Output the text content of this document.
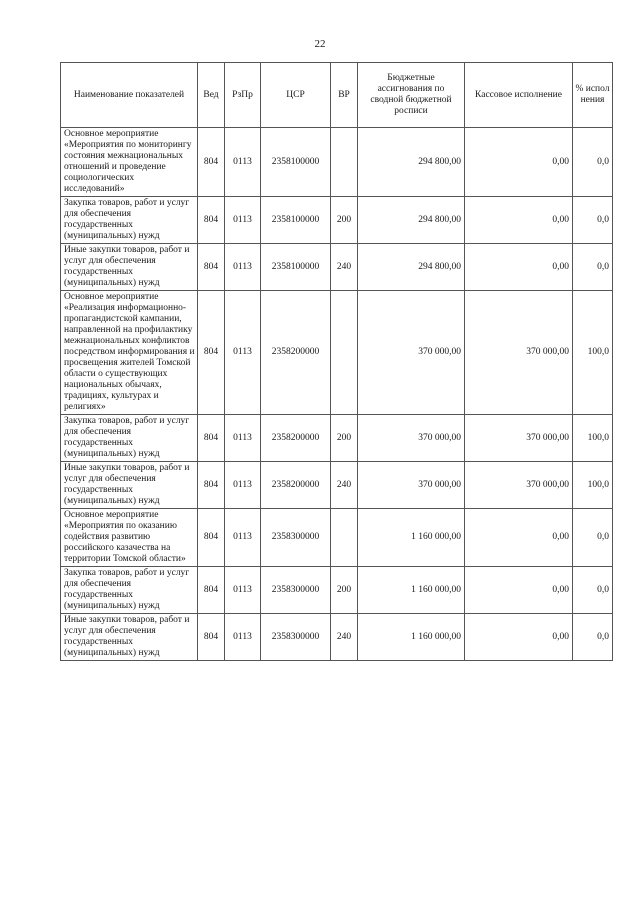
22
Наименование показателей	Вед	РзПр	ЦСР	ВР	Бюджетные ассигнования по сводной бюджетной росписи	Кассовое исполнение	% испол нения
Основное мероприятие «Мероприятия по мониторингу состояния межнациональных отношений и проведение социологических исследований»	804	0113	2358100000		294 800,00	0,00	0,0
Закупка товаров, работ и услуг для обеспечения государственных (муниципальных) нужд	804	0113	2358100000	200	294 800,00	0,00	0,0
Иные закупки товаров, работ и услуг для обеспечения государственных (муниципальных) нужд	804	0113	2358100000	240	294 800,00	0,00	0,0
Основное мероприятие «Реализация информационно-пропагандистской кампании, направленной на профилактику межнациональных конфликтов посредством информирования и просвещения жителей Томской области о существующих национальных обычаях, традициях, культурах и религиях»	804	0113	2358200000		370 000,00	370 000,00	100,0
Закупка товаров, работ и услуг для обеспечения государственных (муниципальных) нужд	804	0113	2358200000	200	370 000,00	370 000,00	100,0
Иные закупки товаров, работ и услуг для обеспечения государственных (муниципальных) нужд	804	0113	2358200000	240	370 000,00	370 000,00	100,0
Основное мероприятие «Мероприятия по оказанию содействия развитию российского казачества на территории Томской области»	804	0113	2358300000		1 160 000,00	0,00	0,0
Закупка товаров, работ и услуг для обеспечения государственных (муниципальных) нужд	804	0113	2358300000	200	1 160 000,00	0,00	0,0
Иные закупки товаров, работ и услуг для обеспечения государственных (муниципальных) нужд	804	0113	2358300000	240	1 160 000,00	0,00	0,0
